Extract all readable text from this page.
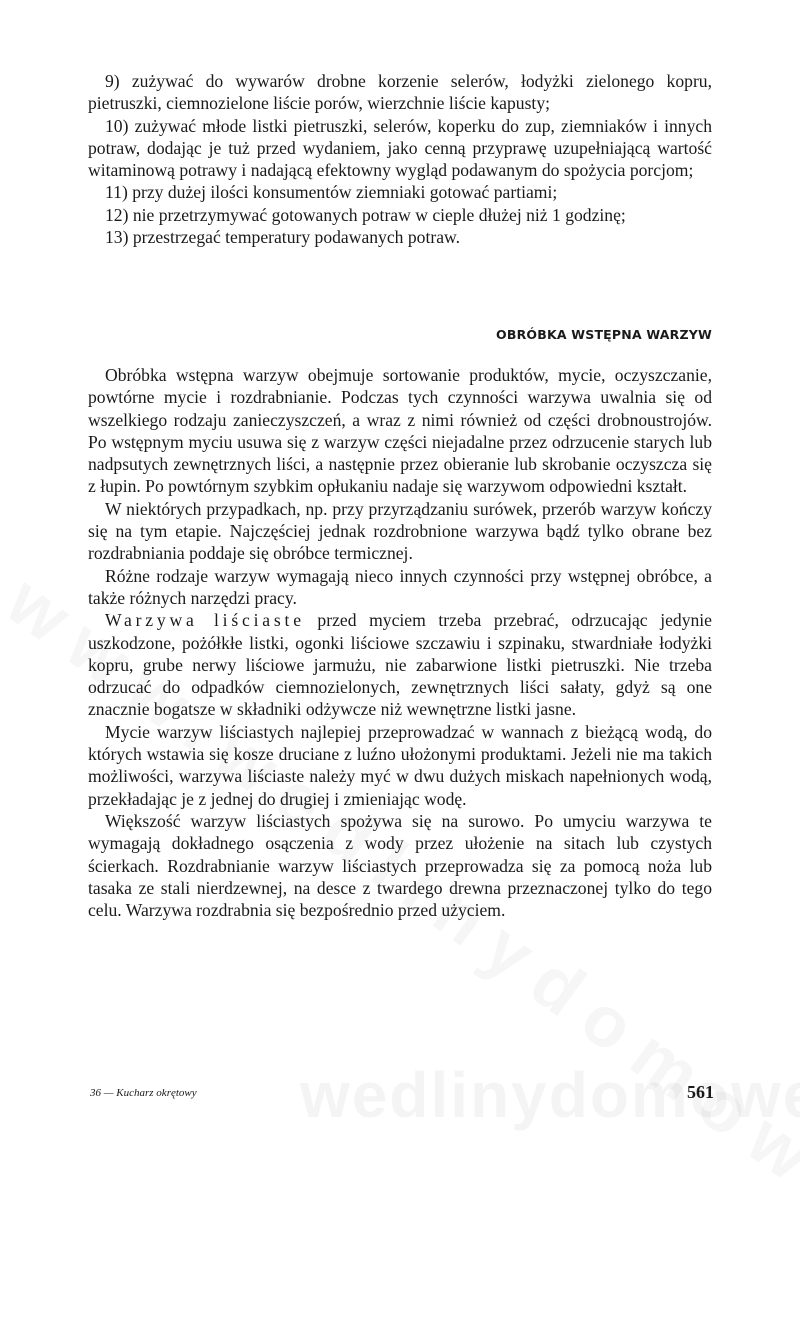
9) zużywać do wywarów drobne korzenie selerów, łodyżki zielonego kopru, pietruszki, ciemnozielone liście porów, wierzchnie liście kapusty;

10) zużywać młode listki pietruszki, selerów, koperku do zup, ziemniaków i innych potraw, dodając je tuż przed wydaniem, jako cenną przyprawę uzupełniającą wartość witaminową potrawy i nadającą efektowny wygląd podawanym do spożycia porcjom;

11) przy dużej ilości konsumentów ziemniaki gotować partiami;

12) nie przetrzymywać gotowanych potraw w cieple dłużej niż 1 godzinę;

13) przestrzegać temperatury podawanych potraw.

OBRÓBKA WSTĘPNA WARZYW

Obróbka wstępna warzyw obejmuje sortowanie produktów, mycie, oczyszczanie, powtórne mycie i rozdrabnianie. Podczas tych czynności warzywa uwalnia się od wszelkiego rodzaju zanieczyszczeń, a wraz z nimi również od części drobnoustrojów. Po wstępnym myciu usuwa się z warzyw części niejadalne przez odrzucenie starych lub nadpsutych zewnętrznych liści, a następnie przez obieranie lub skrobanie oczyszcza się z łupin. Po powtórnym szybkim opłukaniu nadaje się warzywom odpowiedni kształt.

W niektórych przypadkach, np. przy przyrządzaniu surówek, przerób warzyw kończy się na tym etapie. Najczęściej jednak rozdrobnione warzywa bądź tylko obrane bez rozdrabniania poddaje się obróbce termicznej.

Różne rodzaje warzyw wymagają nieco innych czynności przy wstępnej obróbce, a także różnych narzędzi pracy.

Warzywa liściaste przed myciem trzeba przebrać, odrzucając jedynie uszkodzone, pożółkłe listki, ogonki liściowe szczawiu i szpinaku, stwardniałe łodyżki kopru, grube nerwy liściowe jarmużu, nie zabarwione listki pietruszki. Nie trzeba odrzucać do odpadków ciemnozielonych, zewnętrznych liści sałaty, gdyż są one znacznie bogatsze w składniki odżywcze niż wewnętrzne listki jasne.

Mycie warzyw liściastych najlepiej przeprowadzać w wannach z bieżącą wodą, do których wstawia się kosze druciane z luźno ułożonymi produktami. Jeżeli nie ma takich możliwości, warzywa liściaste należy myć w dwu dużych miskach napełnionych wodą, przekładając je z jednej do drugiej i zmieniając wodę.

Większość warzyw liściastych spożywa się na surowo. Po umyciu warzywa te wymagają dokładnego osączenia z wody przez ułożenie na sitach lub czystych ścierkach. Rozdrabnianie warzyw liściastych przeprowadza się za pomocą noża lub tasaka ze stali nierdzewnej, na desce z twardego drewna przeznaczonej tylko do tego celu. Warzywa rozdrabnia się bezpośrednio przed użyciem.

36 — Kucharz okrętowy	561
